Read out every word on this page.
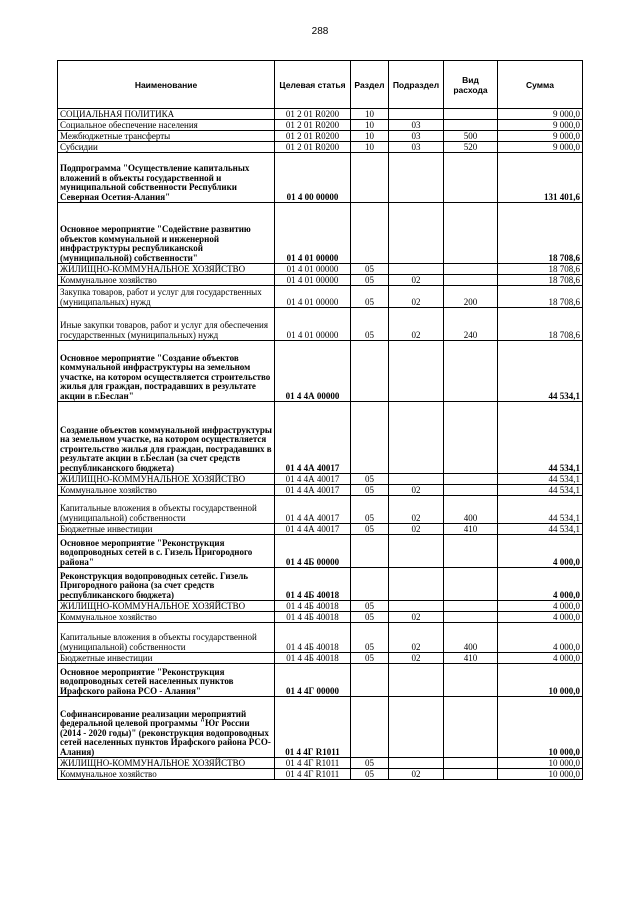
288
Наименование	Целевая статья	Раздел	Подраздел	Вид расхода	Сумма
СОЦИАЛЬНАЯ ПОЛИТИКА	01 2 01 R0200	10			9 000,0
Социальное обеспечение населения	01 2 01 R0200	10	03		9 000,0
Межбюджетные трансферты	01 2 01 R0200	10	03	500	9 000,0
Субсидии	01 2 01 R0200	10	03	520	9 000,0
Подпрограмма "Осуществление капитальных вложений в объекты государственной и муниципальной собственности Республики Северная Осетия-Алания"	01 4 00 00000				131 401,6
Основное мероприятие "Содействие развитию объектов коммунальной и инженерной инфраструктуры республиканской (муниципальной) собственности"	01 4 01 00000				18 708,6
ЖИЛИЩНО-КОММУНАЛЬНОЕ ХОЗЯЙСТВО	01 4 01 00000	05			18 708,6
Коммунальное хозяйство	01 4 01 00000	05	02		18 708,6
Закупка товаров, работ и услуг для государственных (муниципальных) нужд	01 4 01 00000	05	02	200	18 708,6
Иные закупки товаров, работ и услуг для обеспечения государственных (муниципальных) нужд	01 4 01 00000	05	02	240	18 708,6
Основное мероприятие "Создание объектов коммунальной инфраструктуры на земельном участке, на котором осуществляется строительство жилья для граждан, пострадавших в результате акции в г.Беслан"	01 4 4А 00000				44 534,1
Создание объектов коммунальной инфраструктуры на земельном участке, на котором осуществляется строительство жилья для граждан, пострадавших в результате акции в г.Беслан (за счет средств республиканского бюджета)	01 4 4А 40017				44 534,1
ЖИЛИЩНО-КОММУНАЛЬНОЕ ХОЗЯЙСТВО	01 4 4А 40017	05			44 534,1
Коммунальное хозяйство	01 4 4А 40017	05	02		44 534,1
Капитальные вложения в объекты государственной (муниципальной) собственности	01 4 4А 40017	05	02	400	44 534,1
Бюджетные инвестиции	01 4 4А 40017	05	02	410	44 534,1
Основное мероприятие "Реконструкция водопроводных сетей в с. Гизель Пригородного района"	01 4 4Б 00000				4 000,0
Реконструкция водопроводных сетейс. Гизель Пригородного района (за счет средств республиканского бюджета)	01 4 4Б 40018				4 000,0
ЖИЛИЩНО-КОММУНАЛЬНОЕ ХОЗЯЙСТВО	01 4 4Б 40018	05			4 000,0
Коммунальное хозяйство	01 4 4Б 40018	05	02		4 000,0
Капитальные вложения в объекты государственной (муниципальной) собственности	01 4 4Б 40018	05	02	400	4 000,0
Бюджетные инвестиции	01 4 4Б 40018	05	02	410	4 000,0
Основное мероприятие "Реконструкция водопроводных сетей населенных пунктов Ирафского района РСО - Алания"	01 4 4Г 00000				10 000,0
Софинансирование реализации мероприятий федеральной целевой программы "Юг России (2014 - 2020 годы)" (реконструкция водопроводных сетей населенных пунктов Ирафского района РСО-Алания)	01 4 4Г R1011				10 000,0
ЖИЛИЩНО-КОММУНАЛЬНОЕ ХОЗЯЙСТВО	01 4 4Г R1011	05			10 000,0
Коммунальное хозяйство	01 4 4Г R1011	05	02		10 000,0
